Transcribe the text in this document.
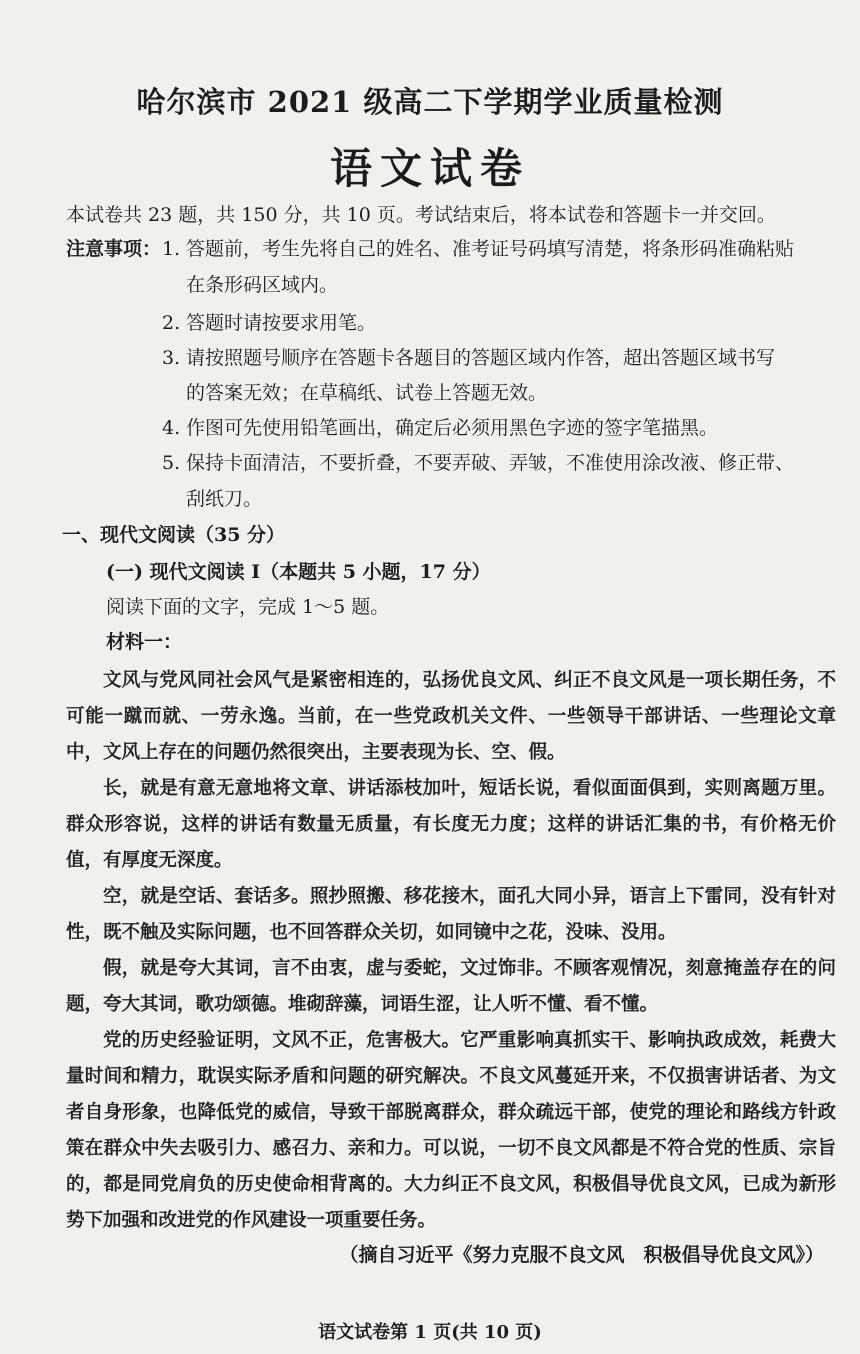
哈尔滨市 2021 级高二下学期学业质量检测
语文试卷
本试卷共 23 题，共 150 分，共 10 页。考试结束后，将本试卷和答题卡一并交回。
注意事项： 1. 答题前，考生先将自己的姓名、准考证号码填写清楚，将条形码准确粘贴
在条形码区域内。
2. 答题时请按要求用笔。
3. 请按照题号顺序在答题卡各题目的答题区域内作答，超出答题区域书写
的答案无效；在草稿纸、试卷上答题无效。
4. 作图可先使用铅笔画出，确定后必须用黑色字迹的签字笔描黑。
5. 保持卡面清洁，不要折叠，不要弄破、弄皱，不准使用涂改液、修正带、
刮纸刀。
一、现代文阅读（35 分）
(一) 现代文阅读 I（本题共 5 小题，17 分）
阅读下面的文字，完成 1～5 题。
材料一：

文风与党风同社会风气是紧密相连的，弘扬优良文风、纠正不良文风是一项长期任务，不可能一蹴而就、一劳永逸。当前，在一些党政机关文件、一些领导干部讲话、一些理论文章中，文风上存在的问题仍然很突出，主要表现为长、空、假。

长，就是有意无意地将文章、讲话添枝加叶，短话长说，看似面面俱到，实则离题万里。群众形容说，这样的讲话有数量无质量，有长度无力度；这样的讲话汇集的书，有价格无价值，有厚度无深度。

空，就是空话、套话多。照抄照搬、移花接木，面孔大同小异，语言上下雷同，没有针对性，既不触及实际问题，也不回答群众关切，如同镜中之花，没味、没用。

假，就是夸大其词，言不由衷，虚与委蛇，文过饰非。不顾客观情况，刻意掩盖存在的问题，夸大其词，歌功颂德。堆砌辞藻，词语生涩，让人听不懂、看不懂。

党的历史经验证明，文风不正，危害极大。它严重影响真抓实干、影响执政成效，耗费大量时间和精力，耽误实际矛盾和问题的研究解决。不良文风蔓延开来，不仅损害讲话者、为文者自身形象，也降低党的威信，导致干部脱离群众，群众疏远干部，使党的理论和路线方针政策在群众中失去吸引力、感召力、亲和力。可以说，一切不良文风都是不符合党的性质、宗旨的，都是同党肩负的历史使命相背离的。大力纠正不良文风，积极倡导优良文风，已成为新形势下加强和改进党的作风建设一项重要任务。

（摘自习近平《努力克服不良文风　积极倡导优良文风》）
语文试卷第 1 页(共 10 页)
